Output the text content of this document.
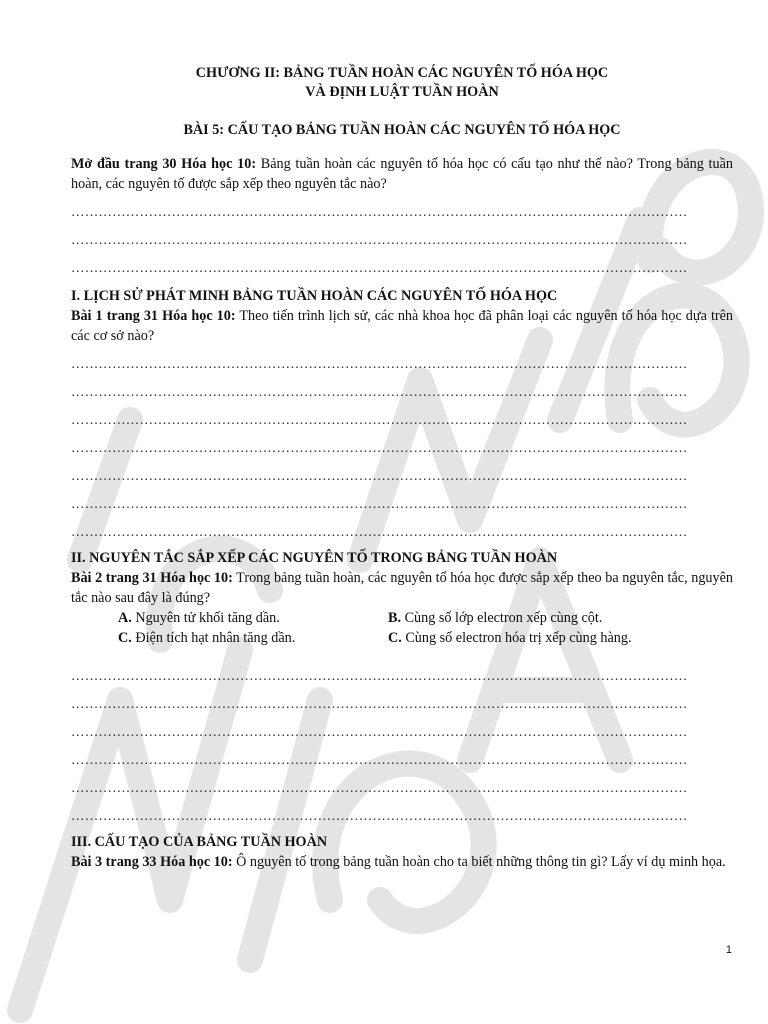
CHƯƠNG II: BẢNG TUẦN HOÀN CÁC NGUYÊN TỐ HÓA HỌC
VÀ ĐỊNH LUẬT TUẦN HOÀN
BÀI 5: CẤU TẠO BẢNG TUẦN HOÀN CÁC NGUYÊN TỐ HÓA HỌC
Mở đầu trang 30 Hóa học 10: Bảng tuần hoàn các nguyên tố hóa học có cấu tạo như thế nào? Trong bảng tuần hoàn, các nguyên tố được sắp xếp theo nguyên tắc nào?
………………………………………………………………………………………………………………………
………………………………………………………………………………………………………………………
………………………………………………………………………………………………………………………
I. LỊCH SỬ PHÁT MINH BẢNG TUẦN HOÀN CÁC NGUYÊN TỐ HÓA HỌC
Bài 1 trang 31 Hóa học 10: Theo tiến trình lịch sử, các nhà khoa học đã phân loại các nguyên tố hóa học dựa trên các cơ sở nào?
………………………………………………………………………………………………………………………
………………………………………………………………………………………………………………………
………………………………………………………………………………………………………………………
………………………………………………………………………………………………………………………
………………………………………………………………………………………………………………………
………………………………………………………………………………………………………………………
………………………………………………………………………………………………………………………
II. NGUYÊN TẮC SẮP XẾP CÁC NGUYÊN TỐ TRONG BẢNG TUẦN HOÀN
Bài 2 trang 31 Hóa học 10: Trong bảng tuần hoàn, các nguyên tố hóa học được sắp xếp theo ba nguyên tắc, nguyên tắc nào sau đây là đúng?
A. Nguyên tử khối tăng dần.	B. Cùng số lớp electron xếp cùng cột.
C. Điện tích hạt nhân tăng dần.	C. Cùng số electron hóa trị xếp cùng hàng.
………………………………………………………………………………………………………………………
………………………………………………………………………………………………………………………
………………………………………………………………………………………………………………………
………………………………………………………………………………………………………………………
………………………………………………………………………………………………………………………
………………………………………………………………………………………………………………………
III. CẤU TẠO CỦA BẢNG TUẦN HOÀN
Bài 3 trang 33 Hóa học 10: Ô nguyên tố trong bảng tuần hoàn cho ta biết những thông tin gì? Lấy ví dụ minh họa.
1
